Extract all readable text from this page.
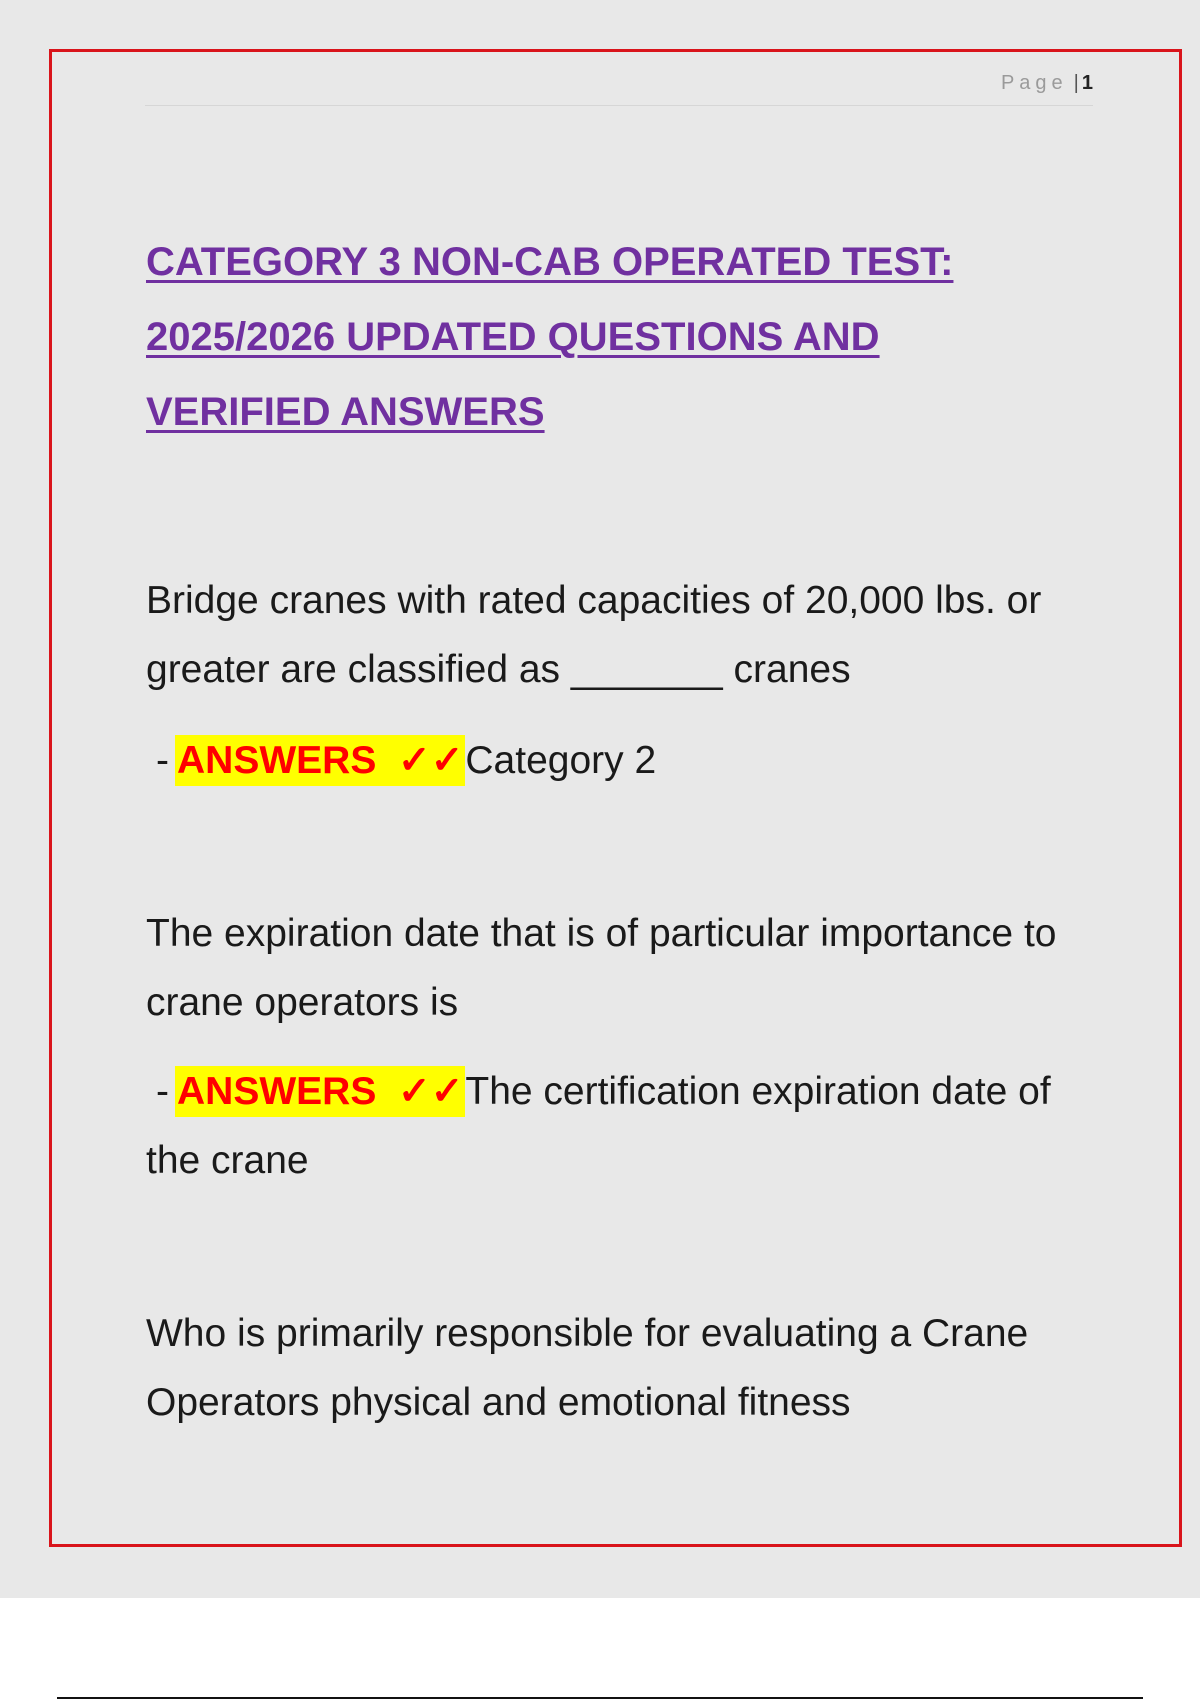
Page | 1
CATEGORY 3 NON-CAB OPERATED TEST:
2025/2026 UPDATED QUESTIONS AND
VERIFIED ANSWERS

Bridge cranes with rated capacities of 20,000 lbs. or greater are classified as _______ cranes

- ANSWERS ✓✓Category 2

The expiration date that is of particular importance to crane operators is

- ANSWERS ✓✓The certification expiration date of the crane

Who is primarily responsible for evaluating a Crane Operators physical and emotional fitness
